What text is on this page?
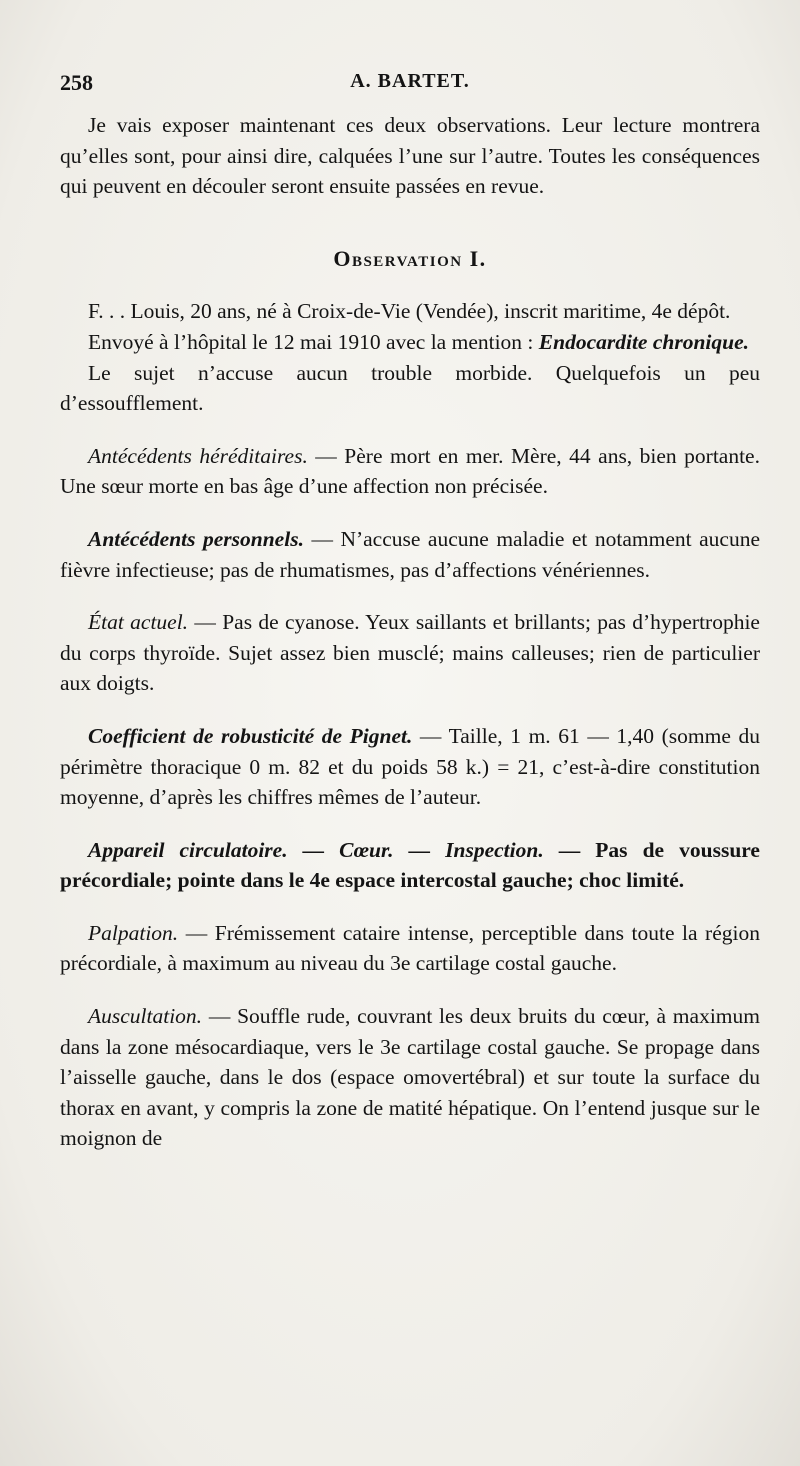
258	A. BARTET.

Je vais exposer maintenant ces deux observations. Leur lecture montrera qu’elles sont, pour ainsi dire, calquées l’une sur l’autre. Toutes les conséquences qui peuvent en découler seront ensuite passées en revue.

Observation I.

F. . . Louis, 20 ans, né à Croix-de-Vie (Vendée), inscrit maritime, 4e dépôt.

Envoyé à l’hôpital le 12 mai 1910 avec la mention : Endocardite chronique.

Le sujet n’accuse aucun trouble morbide. Quelquefois un peu d’essoufflement.

Antécédents héréditaires. — Père mort en mer. Mère, 44 ans, bien portante. Une sœur morte en bas âge d’une affection non précisée.

Antécédents personnels. — N’accuse aucune maladie et notamment aucune fièvre infectieuse; pas de rhumatismes, pas d’affections vénériennes.

État actuel. — Pas de cyanose. Yeux saillants et brillants; pas d’hypertrophie du corps thyroïde. Sujet assez bien musclé; mains calleuses; rien de particulier aux doigts.

Coefficient de robusticité de Pignet. — Taille, 1 m. 61 — 1,40 (somme du périmètre thoracique 0 m. 82 et du poids 58 k.) = 21, c’est-à-dire constitution moyenne, d’après les chiffres mêmes de l’auteur.

Appareil circulatoire. — Cœur. — Inspection. — Pas de voussure précordiale; pointe dans le 4e espace intercostal gauche; choc limité.

Palpation. — Frémissement cataire intense, perceptible dans toute la région précordiale, à maximum au niveau du 3e cartilage costal gauche.

Auscultation. — Souffle rude, couvrant les deux bruits du cœur, à maximum dans la zone mésocardiaque, vers le 3e cartilage costal gauche. Se propage dans l’aisselle gauche, dans le dos (espace omovertébral) et sur toute la surface du thorax en avant, y compris la zone de matité hépatique. On l’entend jusque sur le moignon de
